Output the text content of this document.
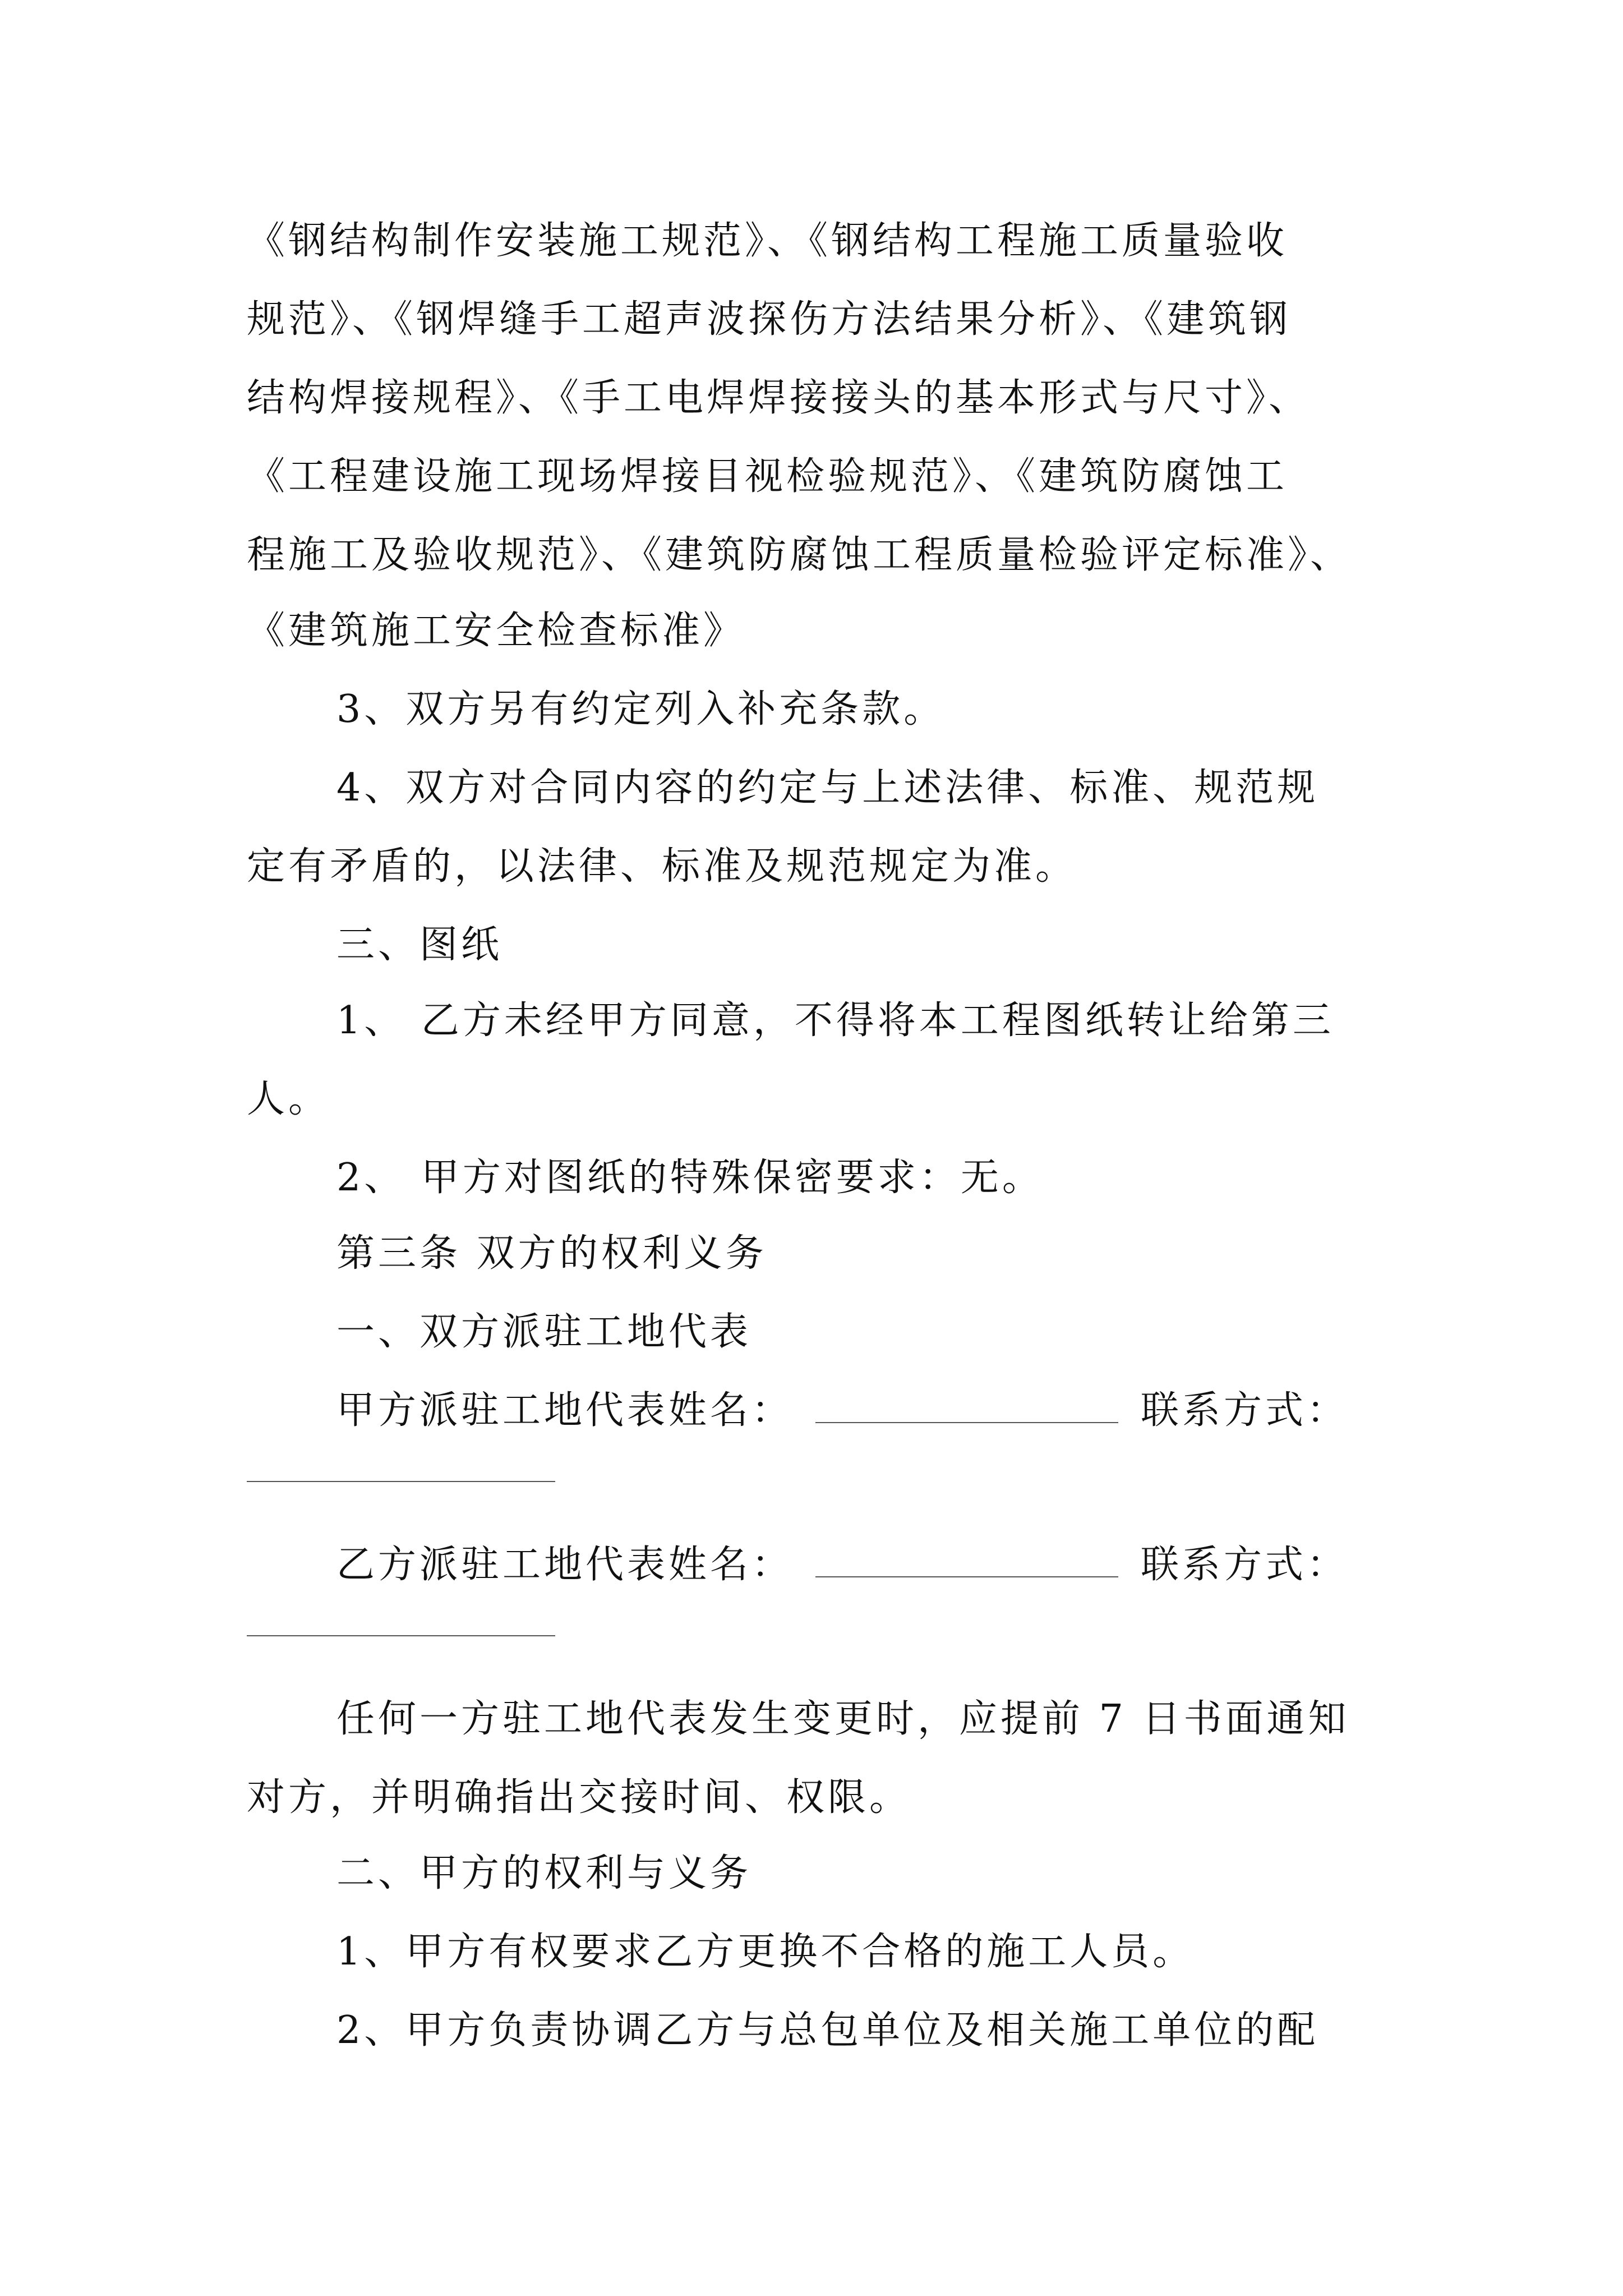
《钢结构制作安装施工规范》、《钢结构工程施工质量验收
规范》、《钢焊缝手工超声波探伤方法结果分析》、《建筑钢
结构焊接规程》、《手工电焊焊接接头的基本形式与尺寸》、
《工程建设施工现场焊接目视检验规范》、《建筑防腐蚀工
程施工及验收规范》、《建筑防腐蚀工程质量检验评定标准》、
《建筑施工安全检查标准》
3、双方另有约定列入补充条款。
4、双方对合同内容的约定与上述法律、标准、规范规
定有矛盾的，以法律、标准及规范规定为准。
三、图纸
1、 乙方未经甲方同意，不得将本工程图纸转让给第三
人。
2、 甲方对图纸的特殊保密要求：无。
第三条 双方的权利义务
一、双方派驻工地代表
甲方派驻工地代表姓名：	联系方式：
乙方派驻工地代表姓名：	联系方式：
任何一方驻工地代表发生变更时，应提前 7 日书面通知
对方，并明确指出交接时间、权限。
二、甲方的权利与义务
1、甲方有权要求乙方更换不合格的施工人员。
2、甲方负责协调乙方与总包单位及相关施工单位的配
